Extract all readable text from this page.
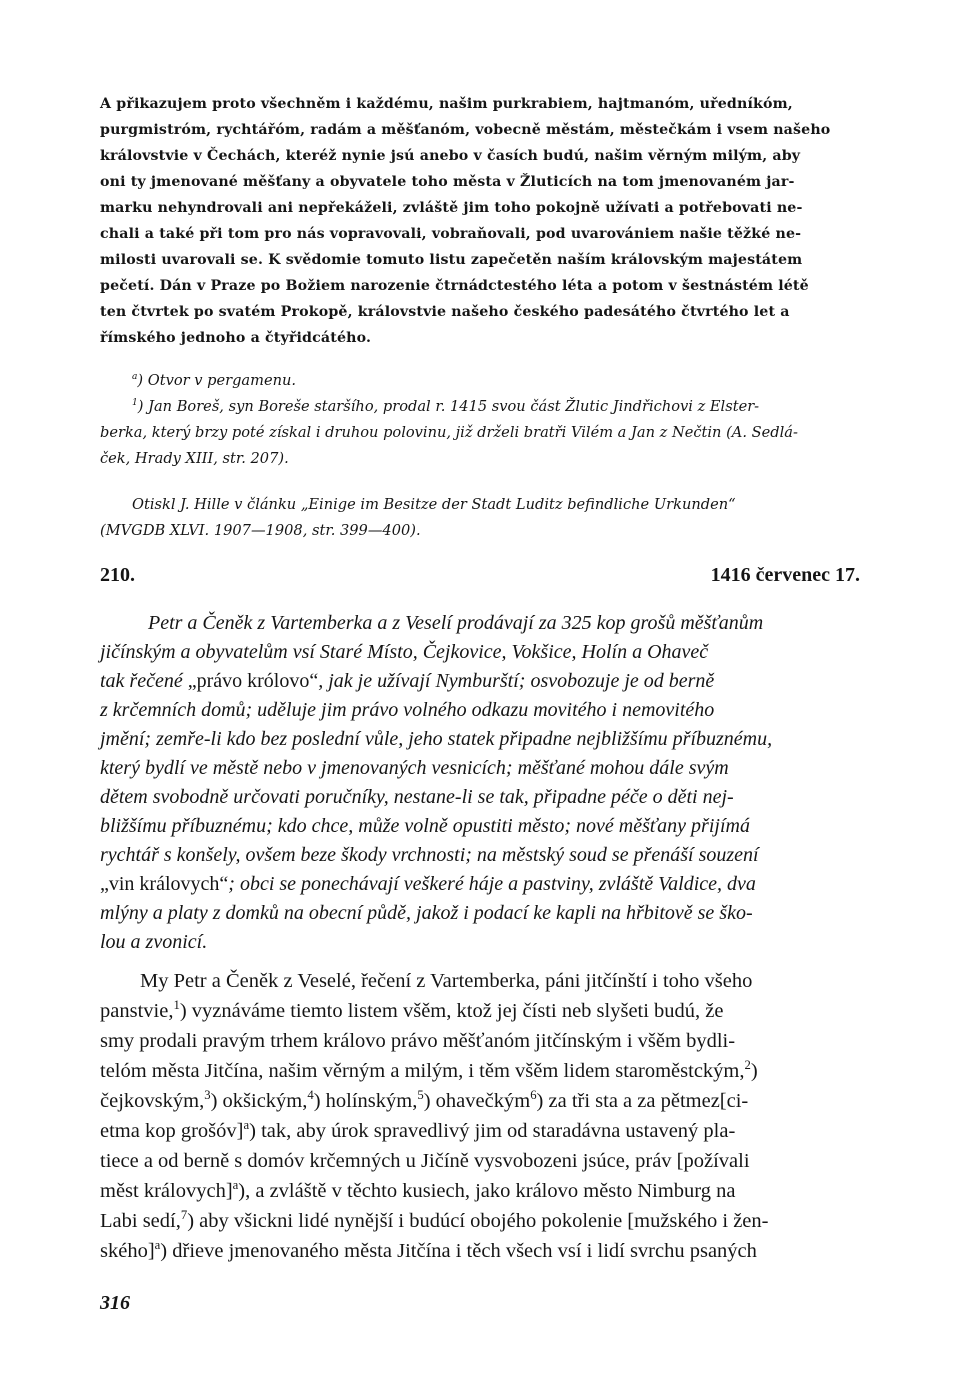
A přikazujem proto všechněm i každému, našim purkrabiem, hajtmanóm, uředníkóm,

purgmistróm, rychtářóm, radám a měšťanóm, vobecně městám, městečkám i vsem našeho

královstvie v Čechách, kteréž nynie jsú anebo v časích budú, našim věrným milým, aby

oni ty jmenované měšťany a obyvatele toho města v Žluticích na tom jmenovaném jar-

marku nehyndrovali ani nepřekáželi, zvláště jim toho pokojně užívati a potřebovati ne-

chali a také při tom pro nás vopravovali, vobraňovali, pod uvarovániem našie těžké ne-

milosti uvarovali se. K svědomie tomuto listu zapečetěn naším královským majestátem

pečetí. Dán v Praze po Božiem narozenie čtrnádctestého léta a potom v šestnástém létě

ten čtvrtek po svatém Prokopě, královstvie našeho českého padesátého čtvrtého let a

římského jednoho a čtyřidcátého.

$^a$) Otvor v pergamenu.

$^1$) Jan Boreš, syn Boreše staršího, prodal r. 1415 svou část Žlutic Jindřichovi z Elster-

berka, který brzy poté získal i druhou polovinu, již drželi bratři Vilém a Jan z Nečtin (A. Sedlá-

ček, Hrady XIII, str. 207).

Otiskl J. Hille v článku „Einige im Besitze der Stadt Luditz befindliche Urkunden“

(MVGDB XLVI. 1907—1908, str. 399—400).

210.	1416 červenec 17.

Petr a Čeněk z Vartemberka a z Veselí prodávají za 325 kop grošů měšťanům

jičínským a obyvatelům vsí Staré Místo, Čejkovice, Vokšice, Holín a Ohaveč

tak řečené „právo królovo“, jak je užívají Nymburští; osvobozuje je od berně

z krčemních domů; uděluje jim právo volného odkazu movitého i nemovitého

jmění; zemře-li kdo bez poslední vůle, jeho statek připadne nejbližšímu příbuznému,

který bydlí ve městě nebo v jmenovaných vesnicích; měšťané mohou dále svým

dětem svobodně určovati poručníky, nestane-li se tak, připadne péče o děti nej-

bližšímu příbuznému; kdo chce, může volně opustiti město; nové měšťany přijímá

rychtář s konšely, ovšem beze škody vrchnosti; na městský soud se přenáší souzení

„vin královych“; obci se ponechávají veškeré háje a pastviny, zvláště Valdice, dva

mlýny a platy z domků na obecní půdě, jakož i podací ke kapli na hřbitově se ško-

lou a zvonicí.

My Petr a Čeněk z Veselé, řečení z Vartemberka, páni jitčínští i toho všeho

panstvie,$^1$) vyznáváme tiemto listem všěm, ktož jej čísti neb slyšeti budú, že

smy prodali pravým trhem královo právo měšťanóm jitčínským i všěm bydli-

telóm města Jitčína, našim věrným a milým, i těm všěm lidem staroměstckým,$^2$)

čejkovským,$^3$) okšickým,$^4$) holínským,$^5$) ohavečkým$^6$) za tři sta a za pětmez[ci-

etma kop grošóv]$^a$) tak, aby úrok spravedlivý jim od staradávna ustavený pla-

tiece a od berně s domóv krčemných u Jičíně vysvobozeni jsúce, práv [požívali

měst královych]$^a$), a zvláště v těchto kusiech, jako královo město Nimburg na

Labi sedí,$^7$) aby všickni lidé nynější i budúcí obojého pokolenie [mužského i žen-

ského]$^a$) dřieve jmenovaného města Jitčína i těch všech vsí i lidí svrchu psaných

316
